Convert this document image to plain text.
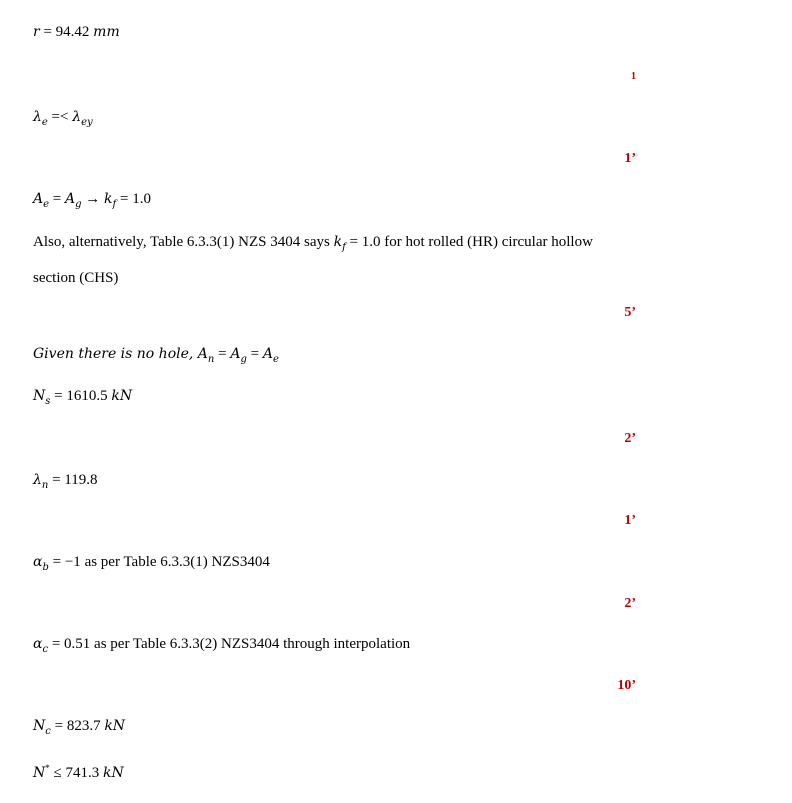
r = 94.42 mm
1
$\lambda_e =< \lambda_{ey}$
1’
$A_e = A_g \to k_f = 1.0$
Also, alternatively, Table 6.3.3(1) NZS 3404 says $k_f = 1.0$ for hot rolled (HR) circular hollow
section (CHS)
5’
Given there is no hole, $A_n = A_g = A_e$
$N_s = 1610.5$ kN
2’
$\lambda_n = 119.8$
1’
$\alpha_b = -1$ as per Table 6.3.3(1) NZS3404
2’
$\alpha_c = 0.51$ as per Table 6.3.3(2) NZS3404 through interpolation
10’
$N_c = 823.7$ kN
N* ≤ 741.3 kN
